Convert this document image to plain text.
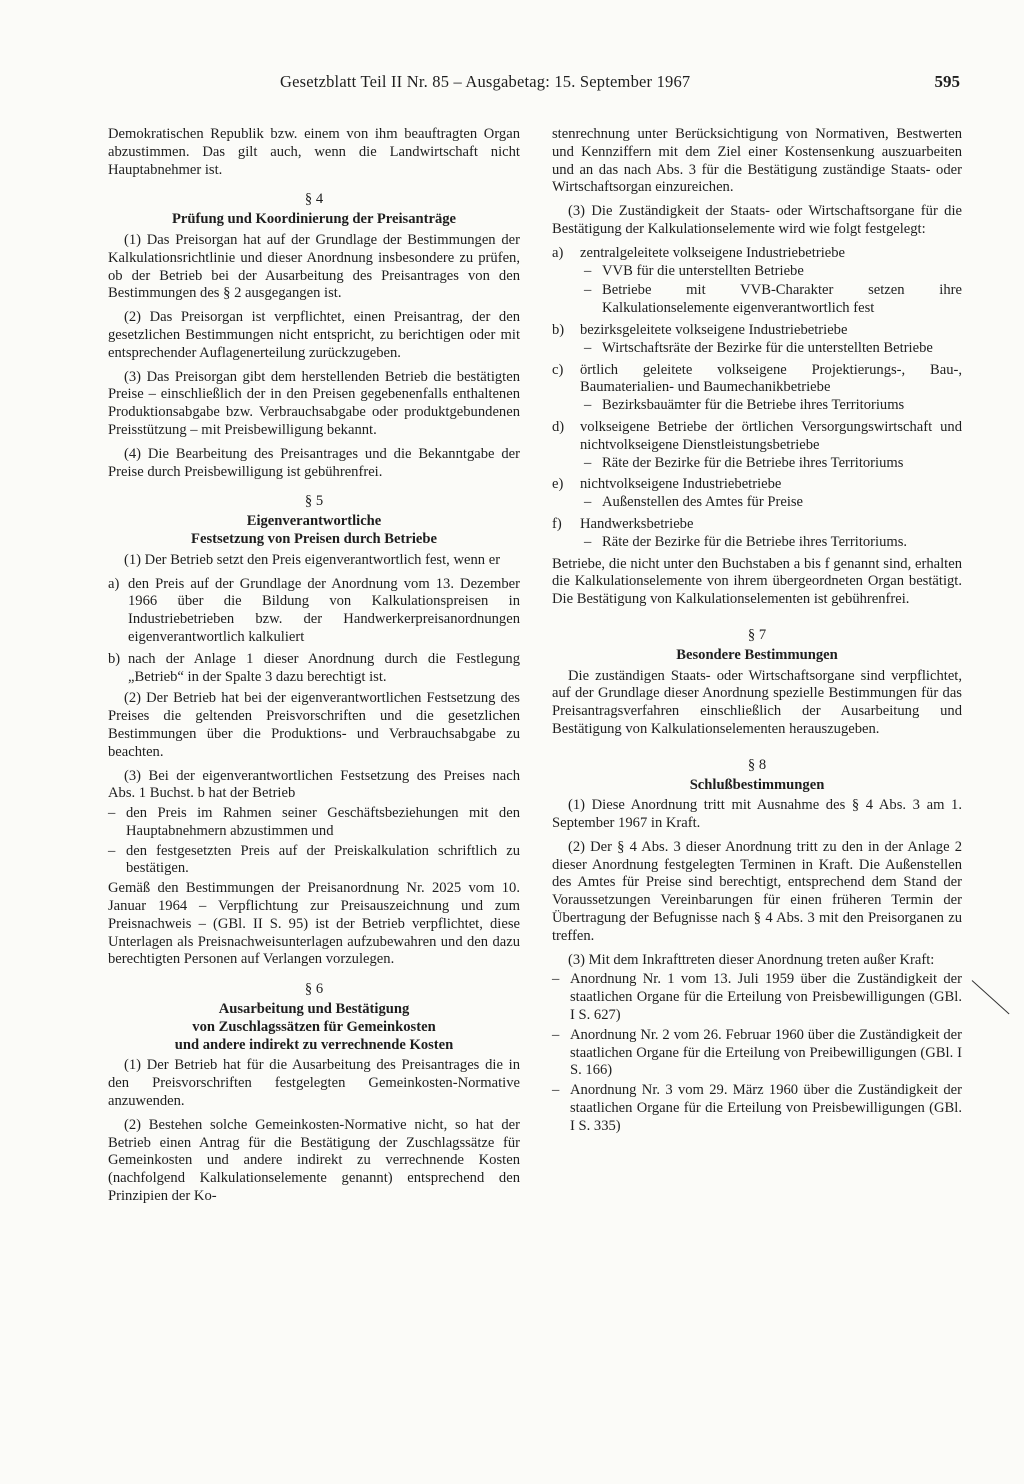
Gesetzblatt Teil II Nr. 85 – Ausgabetag: 15. September 1967	595

Demokratischen Republik bzw. einem von ihm beauftragten Organ abzustimmen. Das gilt auch, wenn die Landwirtschaft nicht Hauptabnehmer ist.

§ 4
Prüfung und Koordinierung der Preisanträge

(1) Das Preisorgan hat auf der Grundlage der Bestimmungen der Kalkulationsrichtlinie und dieser Anordnung insbesondere zu prüfen, ob der Betrieb bei der Ausarbeitung des Preisantrages von den Bestimmungen des § 2 ausgegangen ist.

(2) Das Preisorgan ist verpflichtet, einen Preisantrag, der den gesetzlichen Bestimmungen nicht entspricht, zu berichtigen oder mit entsprechender Auflagenerteilung zurückzugeben.

(3) Das Preisorgan gibt dem herstellenden Betrieb die bestätigten Preise – einschließlich der in den Preisen gegebenenfalls enthaltenen Produktionsabgabe bzw. Verbrauchsabgabe oder produktgebundenen Preisstützung – mit Preisbewilligung bekannt.

(4) Die Bearbeitung des Preisantrages und die Bekanntgabe der Preise durch Preisbewilligung ist gebührenfrei.

§ 5
Eigenverantwortliche
Festsetzung von Preisen durch Betriebe

(1) Der Betrieb setzt den Preis eigenverantwortlich fest, wenn er

a) den Preis auf der Grundlage der Anordnung vom 13. Dezember 1966 über die Bildung von Kalkulationspreisen in Industriebetrieben bzw. der Handwerkerpreisanordnungen eigenverantwortlich kalkuliert
b) nach der Anlage 1 dieser Anordnung durch die Festlegung „Betrieb“ in der Spalte 3 dazu berechtigt ist.

(2) Der Betrieb hat bei der eigenverantwortlichen Festsetzung des Preises die geltenden Preisvorschriften und die gesetzlichen Bestimmungen über die Produktions- und Verbrauchsabgabe zu beachten.

(3) Bei der eigenverantwortlichen Festsetzung des Preises nach Abs. 1 Buchst. b hat der Betrieb

– den Preis im Rahmen seiner Geschäftsbeziehungen mit den Hauptabnehmern abzustimmen und
– den festgesetzten Preis auf der Preiskalkulation schriftlich zu bestätigen.

Gemäß den Bestimmungen der Preisanordnung Nr. 2025 vom 10. Januar 1964 – Verpflichtung zur Preisauszeichnung und zum Preisnachweis – (GBl. II S. 95) ist der Betrieb verpflichtet, diese Unterlagen als Preisnachweisunterlagen aufzubewahren und den dazu berechtigten Personen auf Verlangen vorzulegen.

§ 6
Ausarbeitung und Bestätigung
von Zuschlagssätzen für Gemeinkosten
und andere indirekt zu verrechnende Kosten

(1) Der Betrieb hat für die Ausarbeitung des Preisantrages die in den Preisvorschriften festgelegten Gemeinkosten-Normative anzuwenden.

(2) Bestehen solche Gemeinkosten-Normative nicht, so hat der Betrieb einen Antrag für die Bestätigung der Zuschlagssätze für Gemeinkosten und andere indirekt zu verrechnende Kosten (nachfolgend Kalkulationselemente genannt) entsprechend den Prinzipien der Ko-

stenrechnung unter Berücksichtigung von Normativen, Bestwerten und Kennziffern mit dem Ziel einer Kostensenkung auszuarbeiten und an das nach Abs. 3 für die Bestätigung zuständige Staats- oder Wirtschaftsorgan einzureichen.

(3) Die Zuständigkeit der Staats- oder Wirtschaftsorgane für die Bestätigung der Kalkulationselemente wird wie folgt festgelegt:

a)	zentralgeleitete volkseigene Industriebetriebe
– VVB für die unterstellten Betriebe
– Betriebe mit VVB-Charakter setzen ihre Kalkulationselemente eigenverantwortlich fest
b)	bezirksgeleitete volkseigene Industriebetriebe
– Wirtschaftsräte der Bezirke für die unterstellten Betriebe
c)	örtlich geleitete volkseigene Projektierungs-, Bau-, Baumaterialien- und Baumechanikbetriebe
– Bezirksbauämter für die Betriebe ihres Territoriums
d)	volkseigene Betriebe der örtlichen Versorgungswirtschaft und nichtvolkseigene Dienstleistungsbetriebe
– Räte der Bezirke für die Betriebe ihres Territoriums
e)	nichtvolkseigene Industriebetriebe
– Außenstellen des Amtes für Preise
f)	Handwerksbetriebe
– Räte der Bezirke für die Betriebe ihres Territoriums.

Betriebe, die nicht unter den Buchstaben a bis f genannt sind, erhalten die Kalkulationselemente von ihrem übergeordneten Organ bestätigt. Die Bestätigung von Kalkulationselementen ist gebührenfrei.

§ 7
Besondere Bestimmungen

Die zuständigen Staats- oder Wirtschaftsorgane sind verpflichtet, auf der Grundlage dieser Anordnung spezielle Bestimmungen für das Preisantragsverfahren einschließlich der Ausarbeitung und Bestätigung von Kalkulationselementen herauszugeben.

§ 8
Schlußbestimmungen

(1) Diese Anordnung tritt mit Ausnahme des § 4 Abs. 3 am 1. September 1967 in Kraft.

(2) Der § 4 Abs. 3 dieser Anordnung tritt zu den in der Anlage 2 dieser Anordnung festgelegten Terminen in Kraft. Die Außenstellen des Amtes für Preise sind berechtigt, entsprechend dem Stand der Voraussetzungen Vereinbarungen für einen früheren Termin der Übertragung der Befugnisse nach § 4 Abs. 3 mit den Preisorganen zu treffen.

(3) Mit dem Inkrafttreten dieser Anordnung treten außer Kraft:

– Anordnung Nr. 1 vom 13. Juli 1959 über die Zuständigkeit der staatlichen Organe für die Erteilung von Preisbewilligungen (GBl. I S. 627)
– Anordnung Nr. 2 vom 26. Februar 1960 über die Zuständigkeit der staatlichen Organe für die Erteilung von Preibewilligungen (GBl. I S. 166)
– Anordnung Nr. 3 vom 29. März 1960 über die Zuständigkeit der staatlichen Organe für die Erteilung von Preisbewilligungen (GBl. I S. 335)
